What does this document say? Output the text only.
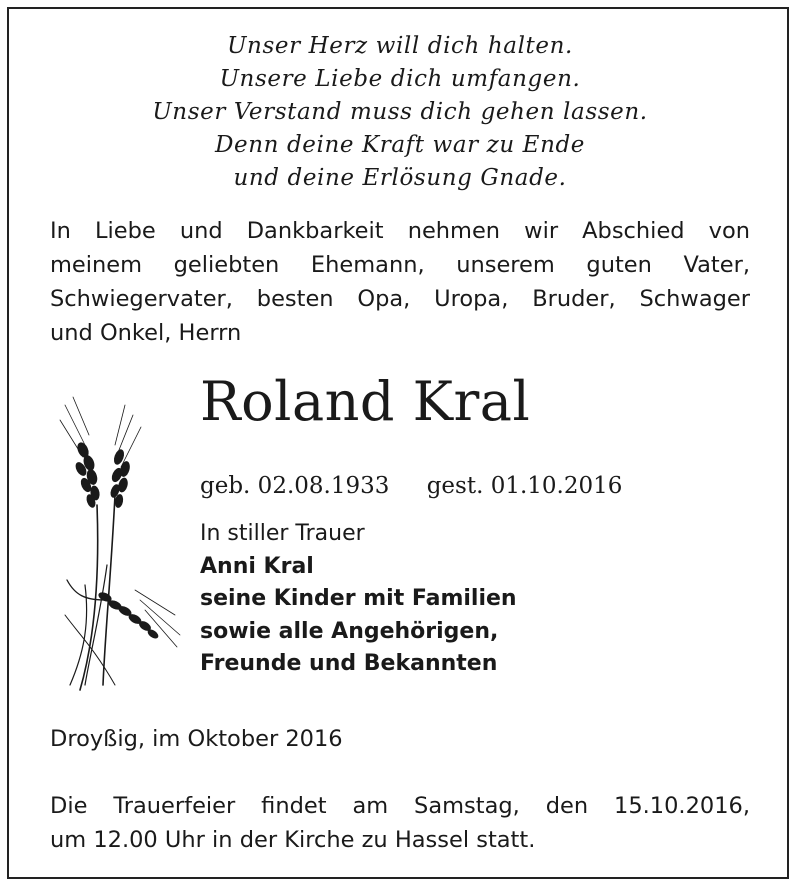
Unser Herz will dich halten.
Unsere Liebe dich umfangen.
Unser Verstand muss dich gehen lassen.
Denn deine Kraft war zu Ende
und deine Erlösung Gnade.
In Liebe und Dankbarkeit nehmen wir Abschied von
meinem geliebten Ehemann, unserem guten Vater,
Schwiegervater, besten Opa, Uropa, Bruder, Schwager
und Onkel, Herrn
Roland Kral
geb. 02.08.1933 gest. 01.10.2016
In stiller Trauer
Anni Kral
seine Kinder mit Familien
sowie alle Angehörigen,
Freunde und Bekannten
Droyßig, im Oktober 2016
Die Trauerfeier findet am Samstag, den 15.10.2016,
um 12.00 Uhr in der Kirche zu Hassel statt.
